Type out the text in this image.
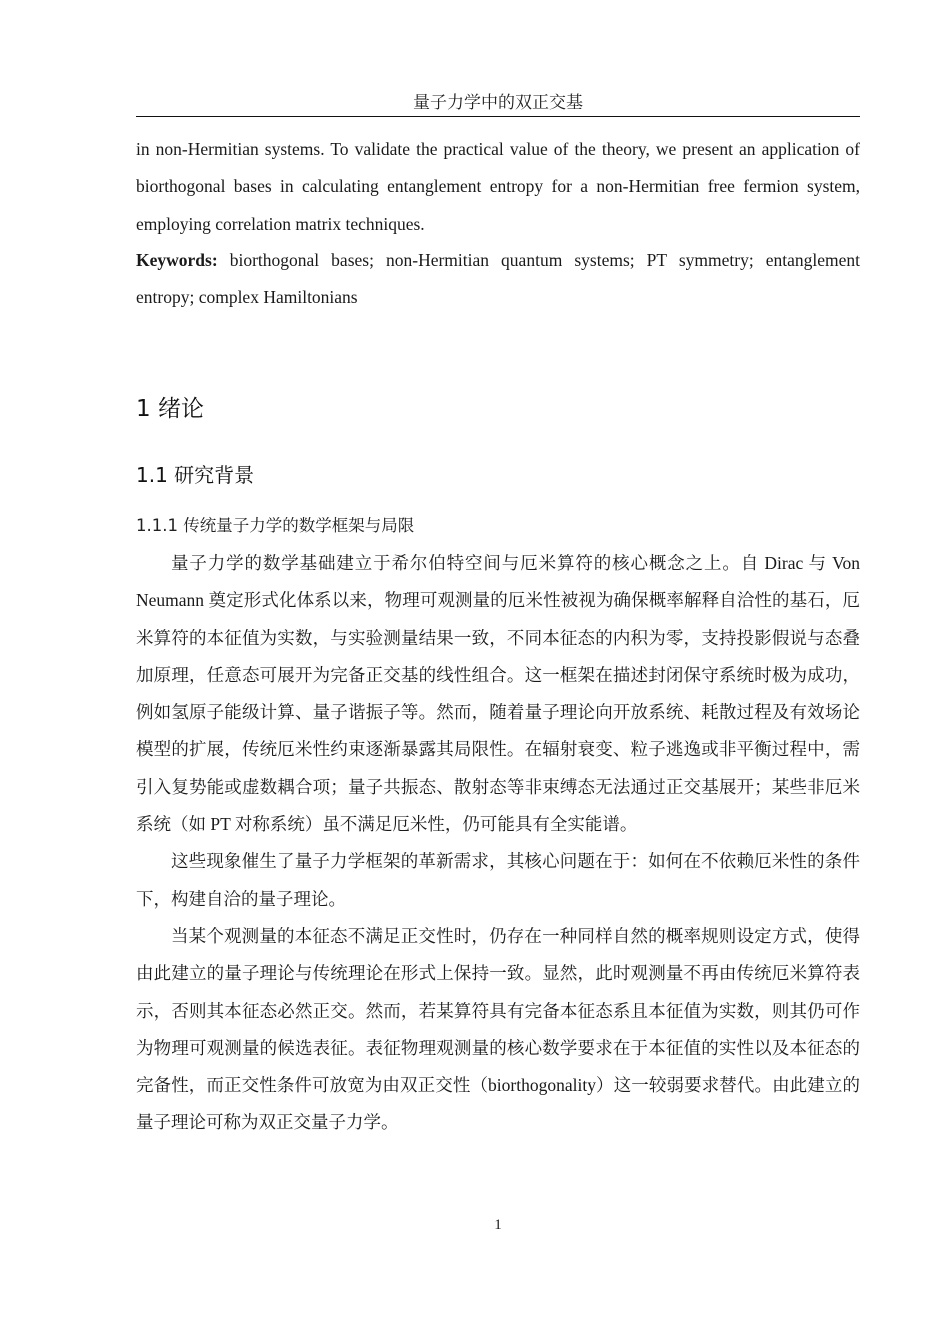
量子力学中的双正交基
in non-Hermitian systems. To validate the practical value of the theory, we present an application of biorthogonal bases in calculating entanglement entropy for a non-Hermitian free fermion system, employing correlation matrix techniques.
Keywords: biorthogonal bases; non-Hermitian quantum systems; PT symmetry; entanglement entropy; complex Hamiltonians
1 绪论
1.1 研究背景
1.1.1 传统量子力学的数学框架与局限

量子力学的数学基础建立于希尔伯特空间与厄米算符的核心概念之上。自 Dirac 与 Von Neumann 奠定形式化体系以来，物理可观测量的厄米性被视为确保概率解释自洽性的基石，厄米算符的本征值为实数，与实验测量结果一致，不同本征态的内积为零，支持投影假说与态叠加原理，任意态可展开为完备正交基的线性组合。这一框架在描述封闭保守系统时极为成功，例如氢原子能级计算、量子谐振子等。然而，随着量子理论向开放系统、耗散过程及有效场论模型的扩展，传统厄米性约束逐渐暴露其局限性。在辐射衰变、粒子逃逸或非平衡过程中，需引入复势能或虚数耦合项；量子共振态、散射态等非束缚态无法通过正交基展开；某些非厄米系统（如 PT 对称系统）虽不满足厄米性，仍可能具有全实能谱。

这些现象催生了量子力学框架的革新需求，其核心问题在于：如何在不依赖厄米性的条件下，构建自洽的量子理论。

当某个观测量的本征态不满足正交性时，仍存在一种同样自然的概率规则设定方式，使得由此建立的量子理论与传统理论在形式上保持一致。显然，此时观测量不再由传统厄米算符表示，否则其本征态必然正交。然而，若某算符具有完备本征态系且本征值为实数，则其仍可作为物理可观测量的候选表征。表征物理观测量的核心数学要求在于本征值的实性以及本征态的完备性，而正交性条件可放宽为由双正交性（biorthogonality）这一较弱要求替代。由此建立的量子理论可称为双正交量子力学。

1
